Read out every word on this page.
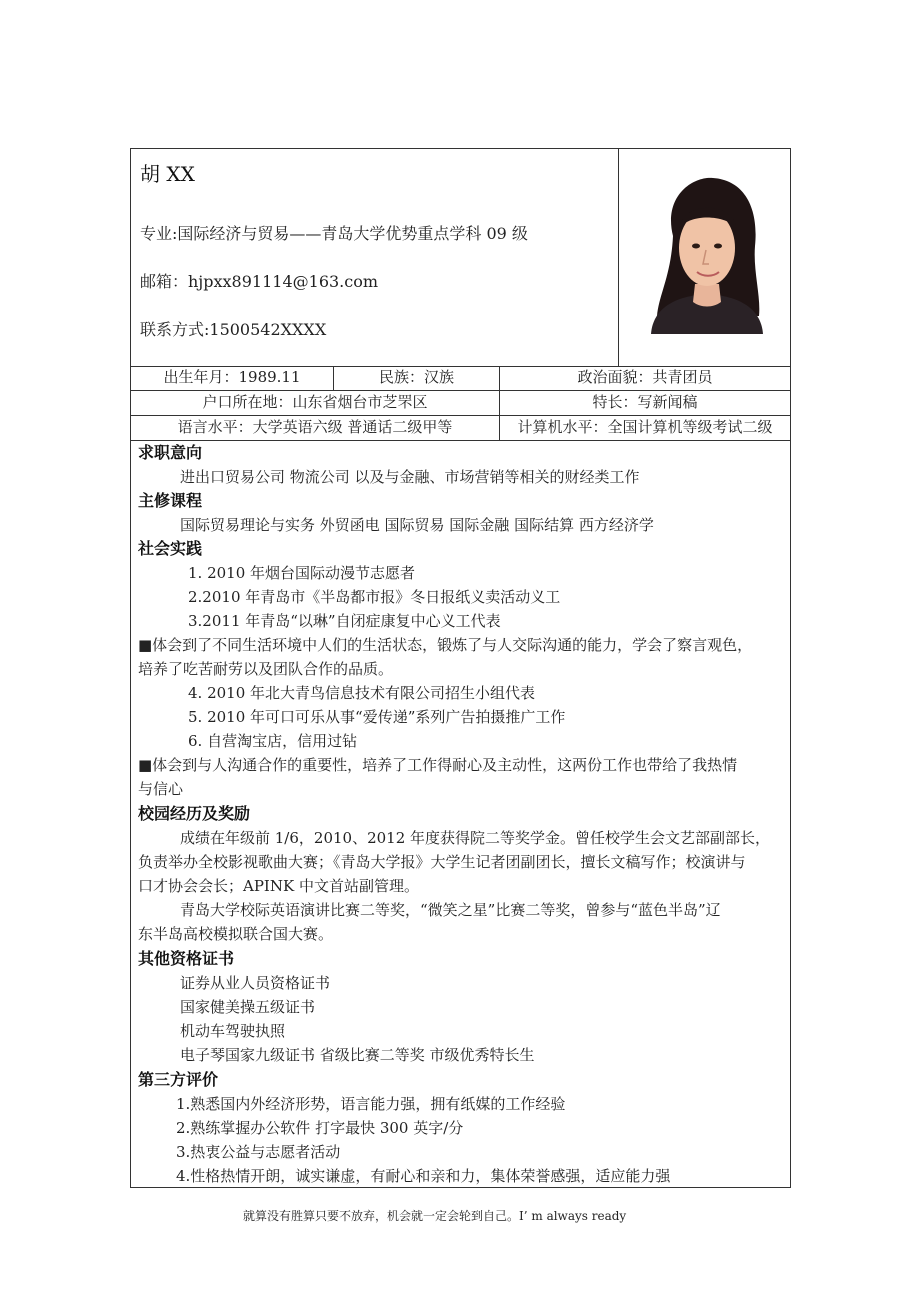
胡 XX
专业:国际经济与贸易——青岛大学优势重点学科 09 级
邮箱：hjpxx891114@163.com
联系方式:1500542XXXX
出生年月：1989.11	民族：汉族	政治面貌：共青团员
户口所在地：山东省烟台市芝罘区	特长：写新闻稿
语言水平：大学英语六级 普通话二级甲等	计算机水平：全国计算机等级考试二级
求职意向
进出口贸易公司 物流公司 以及与金融、市场营销等相关的财经类工作
主修课程
国际贸易理论与实务 外贸函电 国际贸易 国际金融 国际结算 西方经济学
社会实践
1. 2010 年烟台国际动漫节志愿者
2.2010 年青岛市《半岛都市报》冬日报纸义卖活动义工
3.2011 年青岛“以琳”自闭症康复中心义工代表
■体会到了不同生活环境中人们的生活状态，锻炼了与人交际沟通的能力，学会了察言观色，
培养了吃苦耐劳以及团队合作的品质。
4. 2010 年北大青鸟信息技术有限公司招生小组代表
5. 2010 年可口可乐从事“爱传递”系列广告拍摄推广工作
6. 自营淘宝店，信用过钻
■体会到与人沟通合作的重要性，培养了工作得耐心及主动性，这两份工作也带给了我热情
与信心
校园经历及奖励
成绩在年级前 1/6，2010、2012 年度获得院二等奖学金。曾任校学生会文艺部副部长，
负责举办全校影视歌曲大赛；《青岛大学报》大学生记者团副团长，擅长文稿写作；校演讲与
口才协会会长；APINK 中文首站副管理。
青岛大学校际英语演讲比赛二等奖，“微笑之星”比赛二等奖，曾参与“蓝色半岛”辽
东半岛高校模拟联合国大赛。
其他资格证书
证券从业人员资格证书
国家健美操五级证书
机动车驾驶执照
电子琴国家九级证书 省级比赛二等奖 市级优秀特长生
第三方评价
1.熟悉国内外经济形势，语言能力强，拥有纸媒的工作经验
2.熟练掌握办公软件 打字最快 300 英字/分
3.热衷公益与志愿者活动
4.性格热情开朗，诚实谦虚，有耐心和亲和力，集体荣誉感强，适应能力强
就算没有胜算只要不放弃，机会就一定会轮到自己。I’ m always ready
